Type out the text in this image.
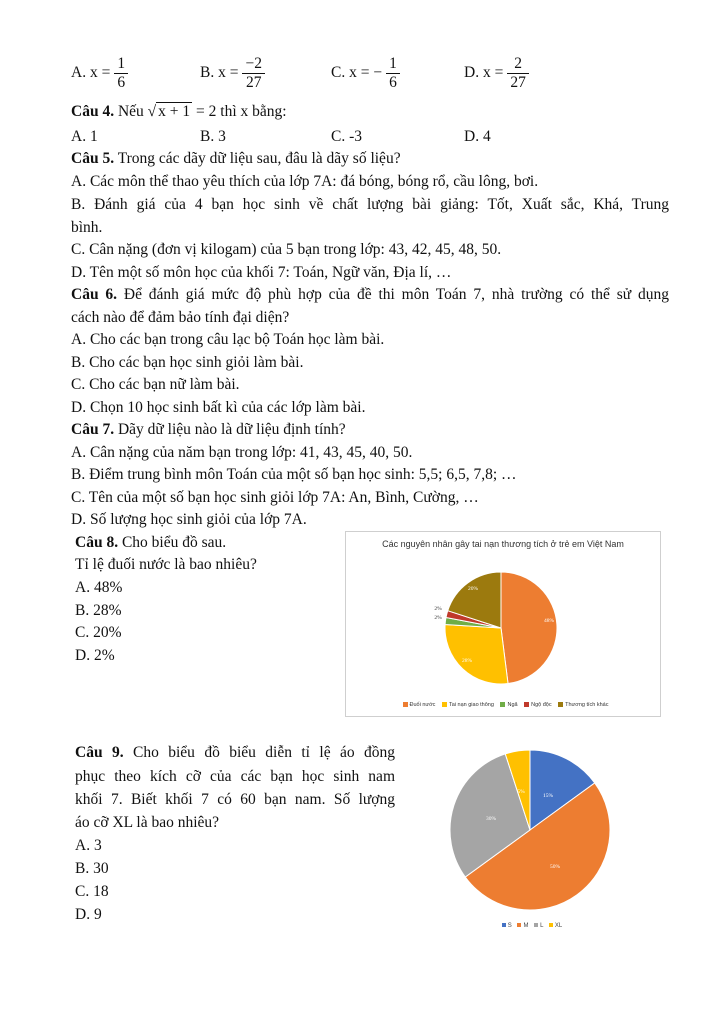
A. $x = \frac{1}{6}$	B. $x = \frac{-2}{27}$	C. x = − $\frac{1}{6}$	D. $x = \frac{2}{27}$
Câu 4. Nếu √ x + 1 = 2 thì x bằng:
A. 1	B. 3	C. -3	D. 4
Câu 5. Trong các dãy dữ liệu sau, đâu là dãy số liệu?
A. Các môn thể thao yêu thích của lớp 7A: đá bóng, bóng rổ, cầu lông, bơi.
B. Đánh giá của 4 bạn học sinh về chất lượng bài giảng: Tốt, Xuất sắc, Khá, Trung
bình.
C. Cân nặng (đơn vị kilogam) của 5 bạn trong lớp: 43, 42, 45, 48, 50.
D. Tên một số môn học của khối 7: Toán, Ngữ văn, Địa lí, …
Câu 6. Để đánh giá mức độ phù hợp của đề thi môn Toán 7, nhà trường có thể sử dụng
cách nào để đảm bảo tính đại diện?
A. Cho các bạn trong câu lạc bộ Toán học làm bài.
B. Cho các bạn học sinh giỏi làm bài.
C. Cho các bạn nữ làm bài.
D. Chọn 10 học sinh bất kì của các lớp làm bài.
Câu 7. Dãy dữ liệu nào là dữ liệu định tính?
A. Cân nặng của năm bạn trong lớp: 41, 43, 45, 40, 50.
B. Điểm trung bình môn Toán của một số bạn học sinh: 5,5; 6,5, 7,8; …
C. Tên của một số bạn học sinh giỏi lớp 7A: An, Bình, Cường, …
D. Số lượng học sinh giỏi của lớp 7A.
Câu 8. Cho biểu đồ sau.
Tỉ lệ đuối nước là bao nhiêu?
A. 48%
B. 28%
C. 20%
D. 2%
Các nguyên nhân gây tai nạn thương tích ở trẻ em Việt Nam
48%
28%
2%
2%
20%
Đuối nước Tai nạn giao thông Ngã Ngộ độc Thương tích khác
Câu 9. Cho biểu đồ biểu diễn tỉ lệ áo đồng
phục theo kích cỡ của các bạn học sinh nam
khối 7. Biết khối 7 có 60 bạn nam. Số lượng
áo cỡ XL là bao nhiêu?
A. 3
B. 30
C. 18
D. 9
15%
50%
30%
5%
S M L XL
